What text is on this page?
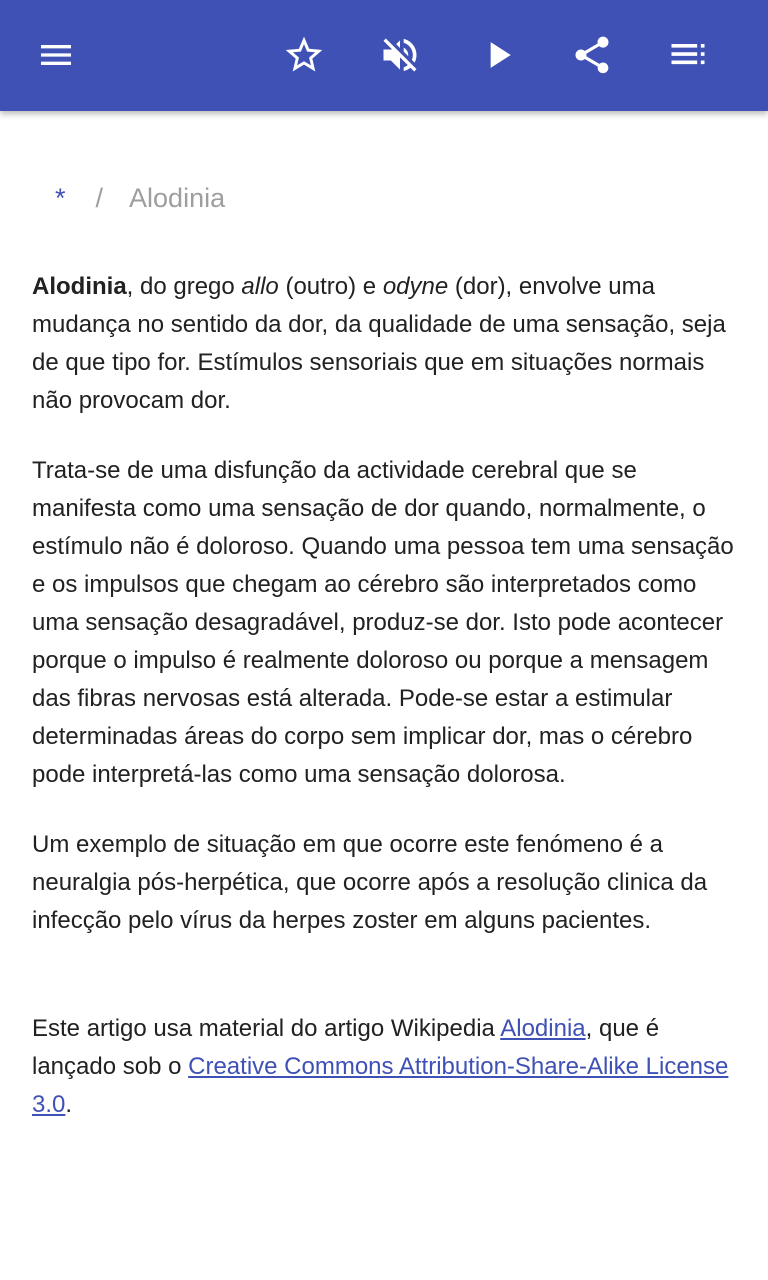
* / Alodinia

Alodinia, do grego allo (outro) e odyne (dor), envolve uma mudança no sentido da dor, da qualidade de uma sensação, seja de que tipo for. Estímulos sensoriais que em situações normais não provocam dor.

Trata-se de uma disfunção da actividade cerebral que se manifesta como uma sensação de dor quando, normalmente, o estímulo não é doloroso. Quando uma pessoa tem uma sensação e os impulsos que chegam ao cérebro são interpretados como uma sensação desagradável, produz-se dor. Isto pode acontecer porque o impulso é realmente doloroso ou porque a mensagem das fibras nervosas está alterada. Pode-se estar a estimular determinadas áreas do corpo sem implicar dor, mas o cérebro pode interpretá-las como uma sensação dolorosa.

Um exemplo de situação em que ocorre este fenómeno é a neuralgia pós-herpética, que ocorre após a resolução clinica da infecção pelo vírus da herpes zoster em alguns pacientes.

Este artigo usa material do artigo Wikipedia Alodinia, que é lançado sob o Creative Commons Attribution-Share-Alike License 3.0.
